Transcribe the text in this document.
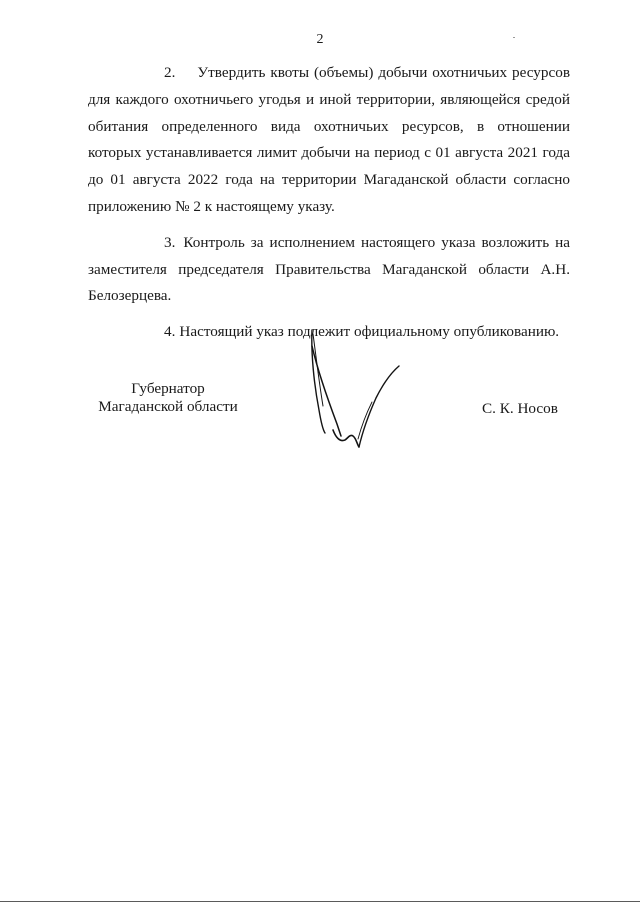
2

2. Утвердить квоты (объемы) добычи охотничьих ресурсов для каждого охотничьего угодья и иной территории, являющейся средой обитания определенного вида охотничьих ресурсов, в отношении которых устанавливается лимит добычи на период с 01 августа 2021 года до 01 августа 2022 года на территории Магаданской области согласно приложению № 2 к настоящему указу.

3. Контроль за исполнением настоящего указа возложить на заместителя председателя Правительства Магаданской области А.Н. Белозерцева.

4. Настоящий указ подлежит официальному опубликованию.

Губернатор
Магаданской области	С. К. Носов
